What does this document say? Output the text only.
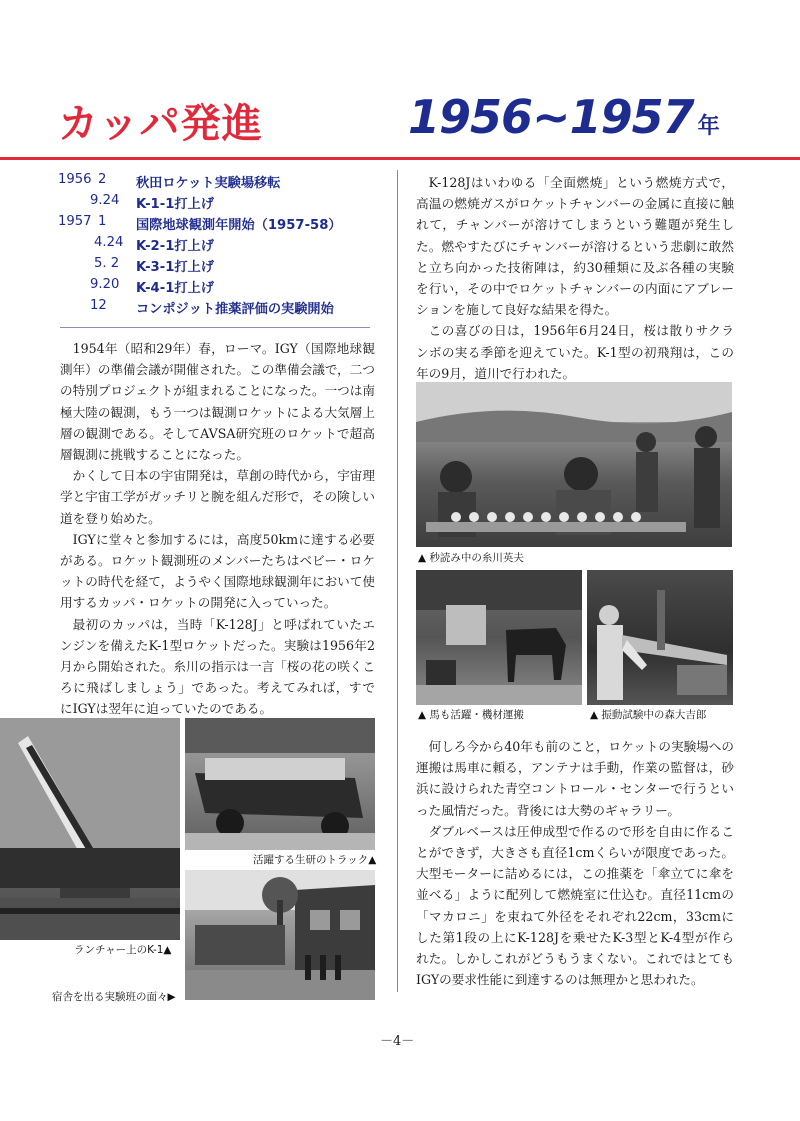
カッパ発進	1956~1957 年
1956 2 秋田ロケット実験場移転
9.24 K-1-1打上げ
1957 1 国際地球観測年開始（1957-58）
4.24 K-2-1打上げ
5. 2 K-3-1打上げ
9.20 K-4-1打上げ
12 コンポジット推薬評価の実験開始

1954年（昭和29年）春，ローマ。IGY（国際地球観測年）の準備会議が開催された。この準備会議で，二つの特別プロジェクトが組まれることになった。一つは南極大陸の観測，もう一つは観測ロケットによる大気層上層の観測である。そしてAVSA研究班のロケットで超高層観測に挑戦することになった。

かくして日本の宇宙開発は，草創の時代から，宇宙理学と宇宙工学がガッチリと腕を組んだ形で，その険しい道を登り始めた。

IGYに堂々と参加するには，高度50kmに達する必要がある。ロケット観測班のメンバーたちはベビー・ロケットの時代を経て，ようやく国際地球観測年において使用するカッパ・ロケットの開発に入っていった。

最初のカッパは，当時「K-128J」と呼ばれていたエンジンを備えたK-1型ロケットだった。実験は1956年2月から開始された。糸川の指示は一言「桜の花の咲くころに飛ばしましょう」であった。考えてみれば，すでにIGYは翌年に迫っていたのである。

K-128Jはいわゆる「全面燃焼」という燃焼方式で，高温の燃焼ガスがロケットチャンバーの金属に直接に触れて，チャンバーが溶けてしまうという難題が発生した。燃やすたびにチャンバーが溶けるという悲劇に敢然と立ち向かった技術陣は，約30種類に及ぶ各種の実験を行い，その中でロケットチャンバーの内面にアブレーションを施して良好な結果を得た。

この喜びの日は，1956年6月24日，桜は散りサクランボの実る季節を迎えていた。K-1型の初飛翔は，この年の9月，道川で行われた。

▲ 秒読み中の糸川英夫
▲ 馬も活躍・機材運搬	▲ 振動試験中の森大吉郎

何しろ今から40年も前のこと，ロケットの実験場への運搬は馬車に頼る，アンテナは手動，作業の監督は，砂浜に設けられた青空コントロール・センターで行うといった風情だった。背後には大勢のギャラリー。

ダブルベースは圧伸成型で作るので形を自由に作ることができず，大きさも直径1cmくらいが限度であった。大型モーターに詰めるには，この推薬を「傘立てに傘を並べる」ように配列して燃焼室に仕込む。直径11cmの「マカロニ」を束ねて外径をそれぞれ22cm，33cmにした第1段の上にK-128Jを乗せたK-3型とK-4型が作られた。しかしこれがどうもうまくない。これではとてもIGYの要求性能に到達するのは無理かと思われた。

ランチャー上のK-1▲
活躍する生研のトラック▲
宿舎を出る実験班の面々▶
－4－
